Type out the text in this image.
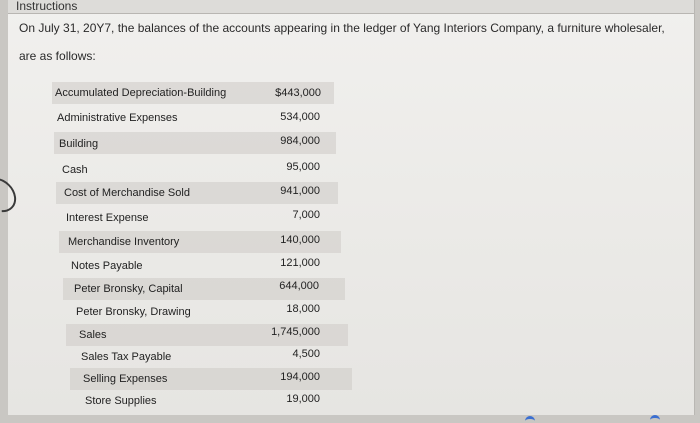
Instructions
On July 31, 20Y7, the balances of the accounts appearing in the ledger of Yang Interiors Company, a furniture wholesaler, are as follows:
Accumulated Depreciation-Building	$443,000
Administrative Expenses	534,000
Building	984,000
Cash	95,000
Cost of Merchandise Sold	941,000
Interest Expense	7,000
Merchandise Inventory	140,000
Notes Payable	121,000
Peter Bronsky, Capital	644,000
Peter Bronsky, Drawing	18,000
Sales	1,745,000
Sales Tax Payable	4,500
Selling Expenses	194,000
Store Supplies	19,000
